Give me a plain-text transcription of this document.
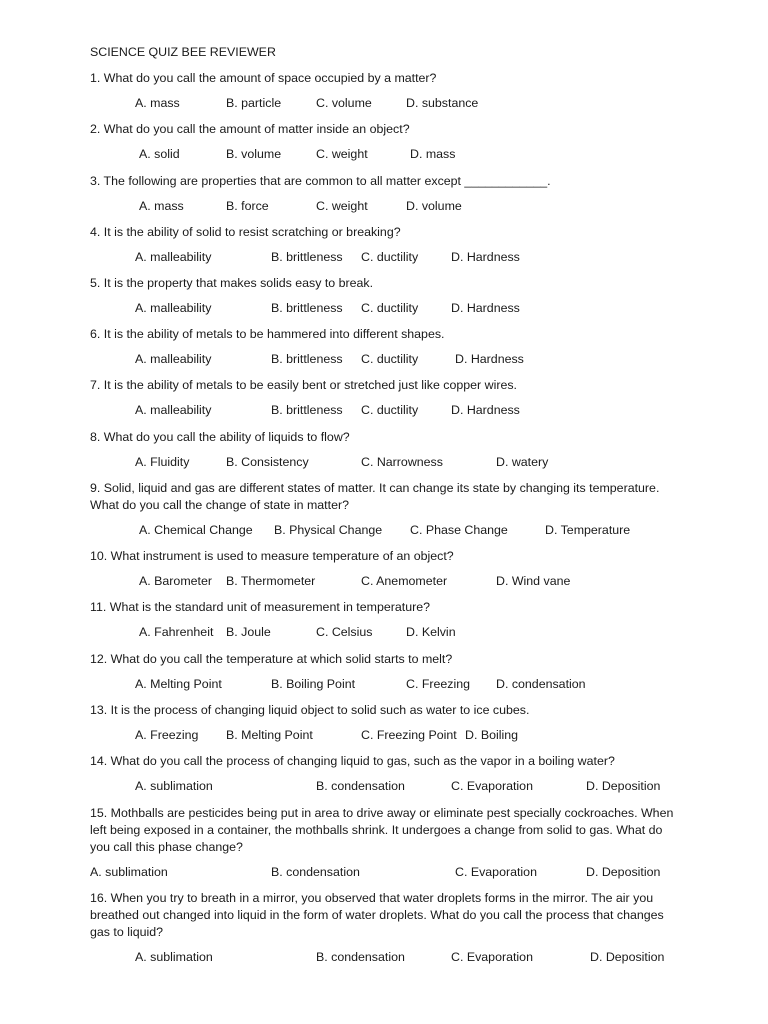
SCIENCE QUIZ BEE REVIEWER

1. What do you call the amount of space occupied by a matter?

A. mass	B. particle	C. volume	D. substance

2. What do you call the amount of matter inside an object?

A. solid	B. volume	C. weight	D. mass

3. The following are properties that are common to all matter except ____________.

A. mass	B. force	C. weight	D. volume

4. It is the ability of solid to resist scratching or breaking?

A. malleability	B. brittleness C. ductility	D. Hardness

5. It is the property that makes solids easy to break.

A. malleability	B. brittleness C. ductility	D. Hardness

6. It is the ability of metals to be hammered into different shapes.

A. malleability	B. brittleness C. ductility	D. Hardness

7. It is the ability of metals to be easily bent or stretched just like copper wires.

A. malleability	B. brittleness C. ductility	D. Hardness

8. What do you call the ability of liquids to flow?

A. Fluidity	B. Consistency	C. Narrowness	D. watery

9. Solid, liquid and gas are different states of matter. It can change its state by changing its temperature. What do you call the change of state in matter?

A. Chemical Change B. Physical Change C. Phase Change	D. Temperature

10. What instrument is used to measure temperature of an object?

A. Barometer B. Thermometer	C. Anemometer	D. Wind vane

11. What is the standard unit of measurement in temperature?

A. Fahrenheit B. Joule	C. Celsius	D. Kelvin

12. What do you call the temperature at which solid starts to melt?

A. Melting Point	B. Boiling Point	C. Freezing D. condensation

13. It is the process of changing liquid object to solid such as water to ice cubes.

A. Freezing B. Melting Point	C. Freezing Point D. Boiling

14. What do you call the process of changing liquid to gas, such as the vapor in a boiling water?

A. sublimation	B. condensation	C. Evaporation	D. Deposition

15. Mothballs are pesticides being put in area to drive away or eliminate pest specially cockroaches. When left being exposed in a container, the mothballs shrink. It undergoes a change from solid to gas. What do you call this phase change?

A. sublimation	B. condensation	C. Evaporation	D. Deposition

16. When you try to breath in a mirror, you observed that water droplets forms in the mirror. The air you breathed out changed into liquid in the form of water droplets. What do you call the process that changes gas to liquid?

A. sublimation	B. condensation	C. Evaporation	D. Deposition
